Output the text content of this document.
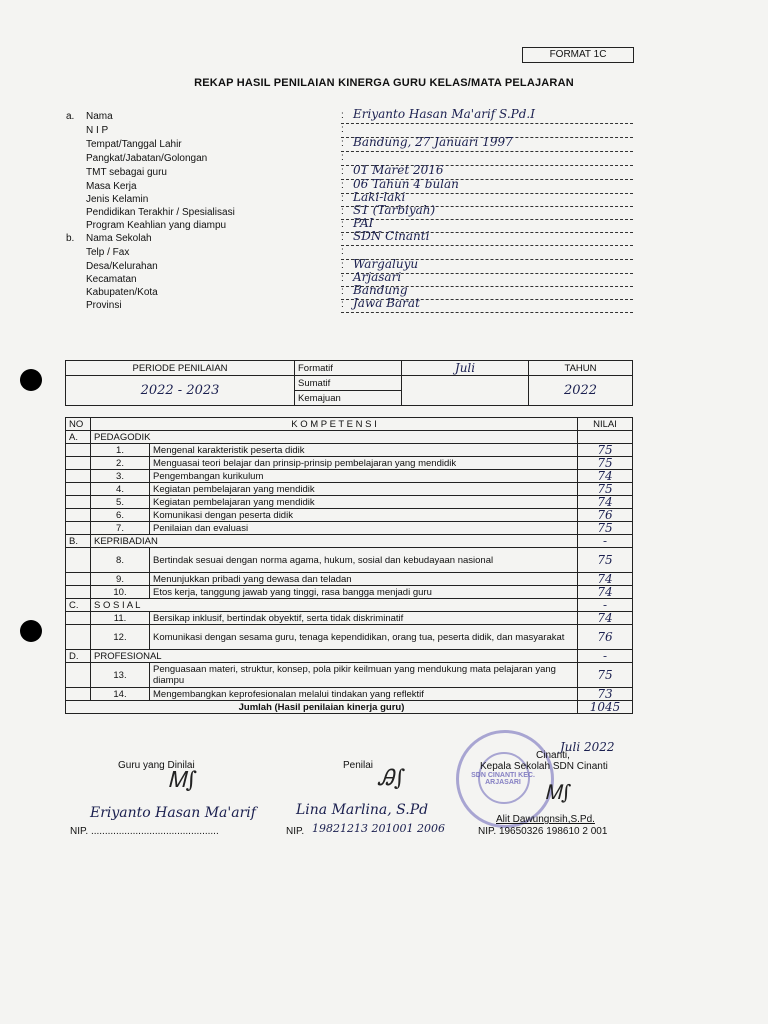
FORMAT 1C
REKAP HASIL PENILAIAN KINERGA GURU KELAS/MATA PELAJARAN
Nama	: Eriyanto Hasan Ma'arif S.Pd.I
N I P	:
Tempat/Tanggal Lahir	: Bandung, 27 Januari 1997
Pangkat/Jabatan/Golongan	:
TMT sebagai guru	: 01 Maret 2016
Masa Kerja	: 06 Tahun 4 bulan
Jenis Kelamin	: Laki-laki
Pendidikan Terakhir / Spesialisasi	: S1 (Tarbiyah)
Program Keahlian yang diampu	: PAI
Nama Sekolah	: SDN Cinanti
Telp / Fax	:
Desa/Kelurahan	: Wargaluyu
Kecamatan	: Arjasari
Kabupaten/Kota	: Bandung
Provinsi	: Jawa Barat
a.
b.
PERIODE PENILAIAN	Formatif	Juli	TAHUN
2022 - 2023	Sumatif		2022
	Kemajuan		
NO	K O M P E T E N S I		NILAI
A.	PEDAGODIK		
	1.	Mengenal karakteristik peserta didik	75
	2.	Menguasai teori belajar dan prinsip-prinsip pembelajaran yang mendidik	75
	3.	Pengembangan kurikulum	74
	4.	Kegiatan pembelajaran yang mendidik	75
	5.	Kegiatan pembelajaran yang mendidik	74
	6.	Komunikasi dengan peserta didik	76
	7.	Penilaian dan evaluasi	75
B.	KEPRIBADIAN		-
	8.	Bertindak sesuai dengan norma agama, hukum, sosial dan kebudayaan nasional	75
	9.	Menunjukkan pribadi yang dewasa dan teladan	74
	10.	Etos kerja, tanggung jawab yang tinggi, rasa bangga menjadi guru	74
C.	S O S I A L		-
	11.	Bersikap inklusif, bertindak obyektif, serta tidak diskriminatif	74
	12.	Komunikasi dengan sesama guru, tenaga kependidikan, orang tua, peserta didik, dan masyarakat	76
D.	PROFESIONAL		-
	13.	Penguasaan materi, struktur, konsep, pola pikir keilmuan yang mendukung mata pelajaran yang diampu	75
	14.	Mengembangkan keprofesionalan melalui tindakan yang reflektif	73
Jumlah (Hasil penilaian kinerja guru)			1045
Guru yang Dinilai
Ꮇ∫
Eriyanto Hasan Ma'arif
NIP. ..............................................
Penilai
Ꭿ∫
Lina Marlina, S.Pd
NIP. 19821213 201001 2006
SDN CINANTI KEC. ARJASARI
Juli 2022
Cinanti,
Kepala Sekolah SDN Cinanti
Ꮇ∫
Alit Dawungnsih,S.Pd.
NIP. 19650326 198610 2 001
